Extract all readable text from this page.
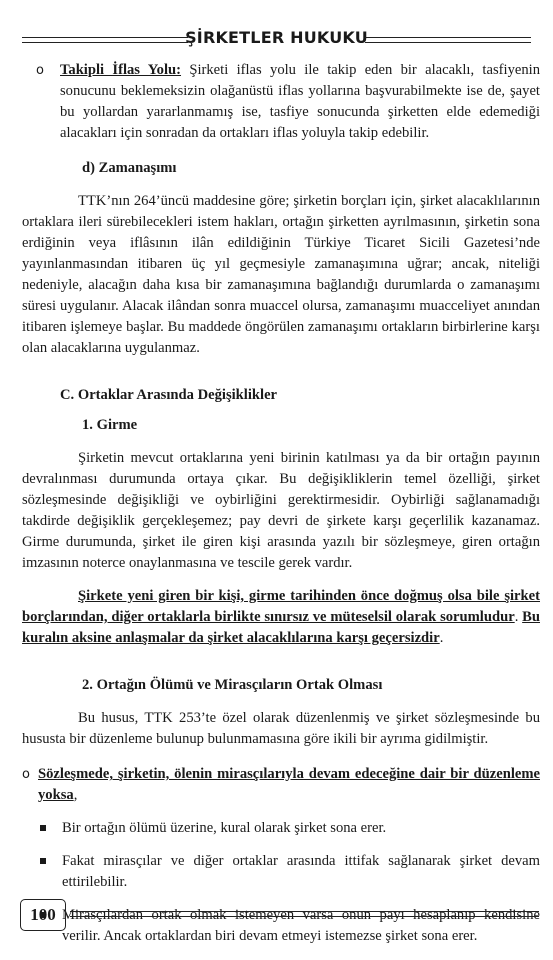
ŞİRKETLER HUKUKU

o Takipli İflas Yolu: Şirketi iflas yolu ile takip eden bir alacaklı, tasfiyenin sonucunu beklemeksizin olağanüstü iflas yollarına başvurabilmekte ise de, şayet bu yollardan yararlanmamış ise, tasfiye sonucunda şirketten elde edemediği alacakları için sonradan da ortakları iflas yoluyla takip edebilir.

d) Zamanaşımı

TTK’nın 264’üncü maddesine göre; şirketin borçları için, şirket alacaklılarının ortaklara ileri sürebilecekleri istem hakları, ortağın şirketten ayrılmasının, şirketin sona erdiğinin veya iflâsının ilân edildiğinin Türkiye Ticaret Sicili Gazetesi’nde yayınlanmasından itibaren üç yıl geçmesiyle zamanaşımına uğrar; ancak, niteliği nedeniyle, alacağın daha kısa bir zamanaşımına bağlandığı durumlarda o zamanaşımı süresi uygulanır. Alacak ilândan sonra muaccel olursa, zamanaşımı muacceliyet anından itibaren işlemeye başlar. Bu maddede öngörülen zamanaşımı ortakların birbirlerine karşı olan alacaklarına uygulanmaz.

C. Ortaklar Arasında Değişiklikler

1. Girme

Şirketin mevcut ortaklarına yeni birinin katılması ya da bir ortağın payının devralınması durumunda ortaya çıkar. Bu değişikliklerin temel özelliği, şirket sözleşmesinde değişikliği ve oybirliğini gerektirmesidir. Oybirliği sağlanamadığı takdirde değişiklik gerçekleşemez; pay devri de şirkete karşı geçerlilik kazanamaz. Girme durumunda, şirket ile giren kişi arasında yazılı bir sözleşmeye, giren ortağın imzasının noterce onaylanmasına ve tescile gerek vardır.

Şirkete yeni giren bir kişi, girme tarihinden önce doğmuş olsa bile şirket borçlarından, diğer ortaklarla birlikte sınırsız ve müteselsil olarak sorumludur. Bu kuralın aksine anlaşmalar da şirket alacaklılarına karşı geçersizdir.

2. Ortağın Ölümü ve Mirasçıların Ortak Olması

Bu husus, TTK 253’te özel olarak düzenlenmiş ve şirket sözleşmesinde bu hususta bir düzenleme bulunup bulunmamasına göre ikili bir ayrıma gidilmiştir.

o Sözleşmede, şirketin, ölenin mirasçılarıyla devam edeceğine dair bir düzenleme yoksa,

Bir ortağın ölümü üzerine, kural olarak şirket sona erer.

Fakat mirasçılar ve diğer ortaklar arasında ittifak sağlanarak şirket devam ettirilebilir.

Mirasçılardan ortak olmak istemeyen varsa onun payı hesaplanıp kendisine verilir. Ancak ortaklardan biri devam etmeyi istemezse şirket sona erer.

100
